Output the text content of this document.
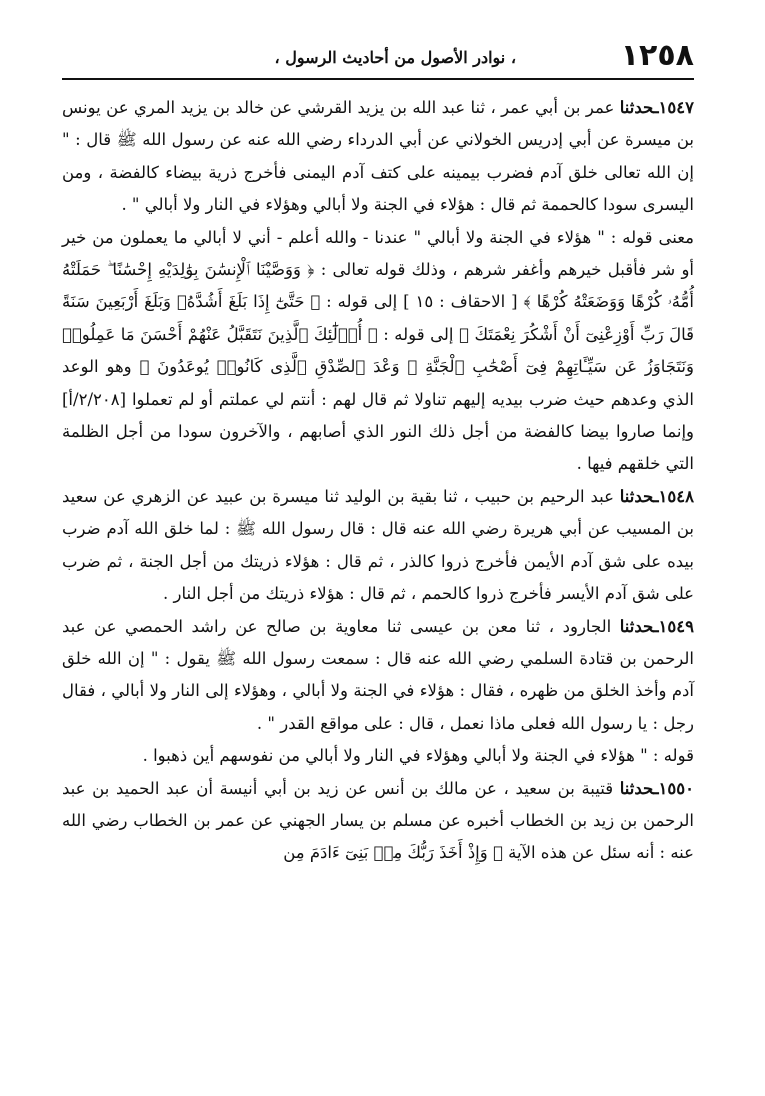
١٢٥٨
، نوادر الأصول من أحاديث الرسول ،

١٥٤٧ـحدثنا عمر بن أبي عمر ، ثنا عبد الله بن يزيد القرشي عن خالد بن يزيد المري عن يونس بن ميسرة عن أبي إدريس الخولاني عن أبي الدرداء رضي الله عنه عن رسول الله ﷺ قال : " إن الله تعالى خلق آدم فضرب بيمينه على كتف آدم اليمنى فأخرج ذرية بيضاء كالفضة ، ومن اليسرى سودا كالحممة ثم قال : هؤلاء في الجنة ولا أبالي وهؤلاء في النار ولا أبالي " .

معنى قوله : " هؤلاء في الجنة ولا أبالي " عندنا - والله أعلم - أني لا أبالي ما يعملون من خير أو شر فأقبل خيرهم وأغفر شرهم ، وذلك قوله تعالى : ﴿ وَوَصَّيْنَا ٱلْإِنسَٰنَ بِوَٰلِدَيْهِ إِحْسَٰنًا ۖ حَمَلَتْهُ أُمُّهُۥ كُرْهًا وَوَضَعَتْهُ كُرْهًا ﴾ [ الاحقاف : ١٥ ] إلى قوله : ﴿ حَتَّىٰٓ إِذَا بَلَغَ أَشُدَّهُۥ وَبَلَغَ أَرْبَعِينَ سَنَةً قَالَ رَبِّ أَوْزِعْنِىٓ أَنْ أَشْكُرَ نِعْمَتَكَ ﴾ إلى قوله : ﴿ أُو۟لَٰٓئِكَ ٱلَّذِينَ نَتَقَبَّلُ عَنْهُمْ أَحْسَنَ مَا عَمِلُوا۟ وَنَتَجَاوَزُ عَن سَيِّـَٔاتِهِمْ فِىٓ أَصْحَٰبِ ٱلْجَنَّةِ ۖ وَعْدَ ٱلصِّدْقِ ٱلَّذِى كَانُوا۟ يُوعَدُونَ ﴾ وهو الوعد الذي وعدهم حيث ضرب بيديه إليهم تناولا ثم قال لهم : أنتم لي عملتم أو لم تعملوا [٢/٢٠٨/أ] وإنما صاروا بيضا كالفضة من أجل ذلك النور الذي أصابهم ، والآخرون سودا من أجل الظلمة التي خلقهم فيها .

١٥٤٨ـحدثنا عبد الرحيم بن حبيب ، ثنا بقية بن الوليد ثنا ميسرة بن عبيد عن الزهري عن سعيد بن المسيب عن أبي هريرة رضي الله عنه قال : قال رسول الله ﷺ : لما خلق الله آدم ضرب بيده على شق آدم الأيمن فأخرج ذروا كالذر ، ثم قال : هؤلاء ذريتك من أجل الجنة ، ثم ضرب على شق آدم الأيسر فأخرج ذروا كالحمم ، ثم قال : هؤلاء ذريتك من أجل النار .

١٥٤٩ـحدثنا الجارود ، ثنا معن بن عيسى ثنا معاوية بن صالح عن راشد الحمصي عن عبد الرحمن بن قتادة السلمي رضي الله عنه قال : سمعت رسول الله ﷺ يقول : " إن الله خلق آدم وأخذ الخلق من ظهره ، فقال : هؤلاء في الجنة ولا أبالي ، وهؤلاء إلى النار ولا أبالي ، فقال رجل : يا رسول الله فعلى ماذا نعمل ، قال : على مواقع القدر " .

قوله : " هؤلاء في الجنة ولا أبالي وهؤلاء في النار ولا أبالي من نفوسهم أين ذهبوا .

١٥٥٠ـحدثنا قتيبة بن سعيد ، عن مالك بن أنس عن زيد بن أبي أنيسة أن عبد الحميد بن عبد الرحمن بن زيد بن الخطاب أخبره عن مسلم بن يسار الجهني عن عمر بن الخطاب رضي الله عنه : أنه سئل عن هذه الآية ﴿ وَإِذْ أَخَذَ رَبُّكَ مِنۢ بَنِىٓ ءَادَمَ مِن
